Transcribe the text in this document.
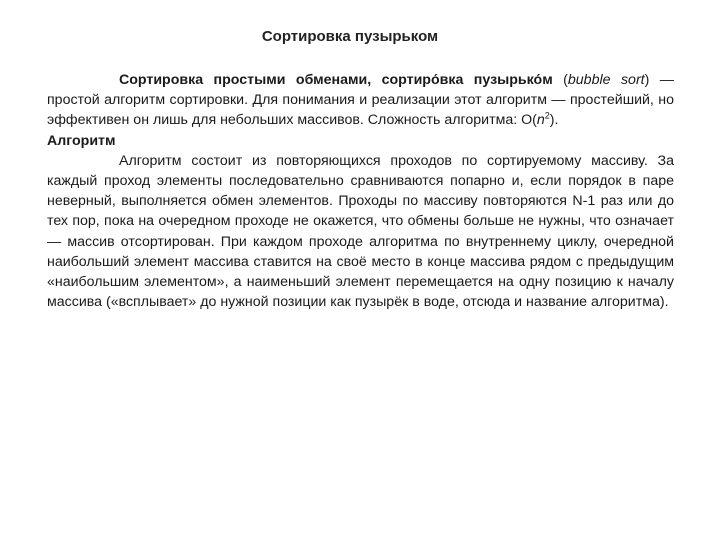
Сортировка пузырьком

Сортировка простыми обменами, сортиро́вка пузырько́м (bubble sort) — простой алгоритм сортировки. Для понимания и реализации этот алгоритм — простейший, но эффективен он лишь для небольших массивов. Сложность алгоритма: $O(n^2)$.

Алгоритм

Алгоритм состоит из повторяющихся проходов по сортируемому массиву. За каждый проход элементы последовательно сравниваются попарно и, если порядок в паре неверный, выполняется обмен элементов. Проходы по массиву повторяются N-1 раз или до тех пор, пока на очередном проходе не окажется, что обмены больше не нужны, что означает — массив отсортирован. При каждом проходе алгоритма по внутреннему циклу, очередной наибольший элемент массива ставится на своё место в конце массива рядом с предыдущим «наибольшим элементом», а наименьший элемент перемещается на одну позицию к началу массива («всплывает» до нужной позиции как пузырёк в воде, отсюда и название алгоритма).
